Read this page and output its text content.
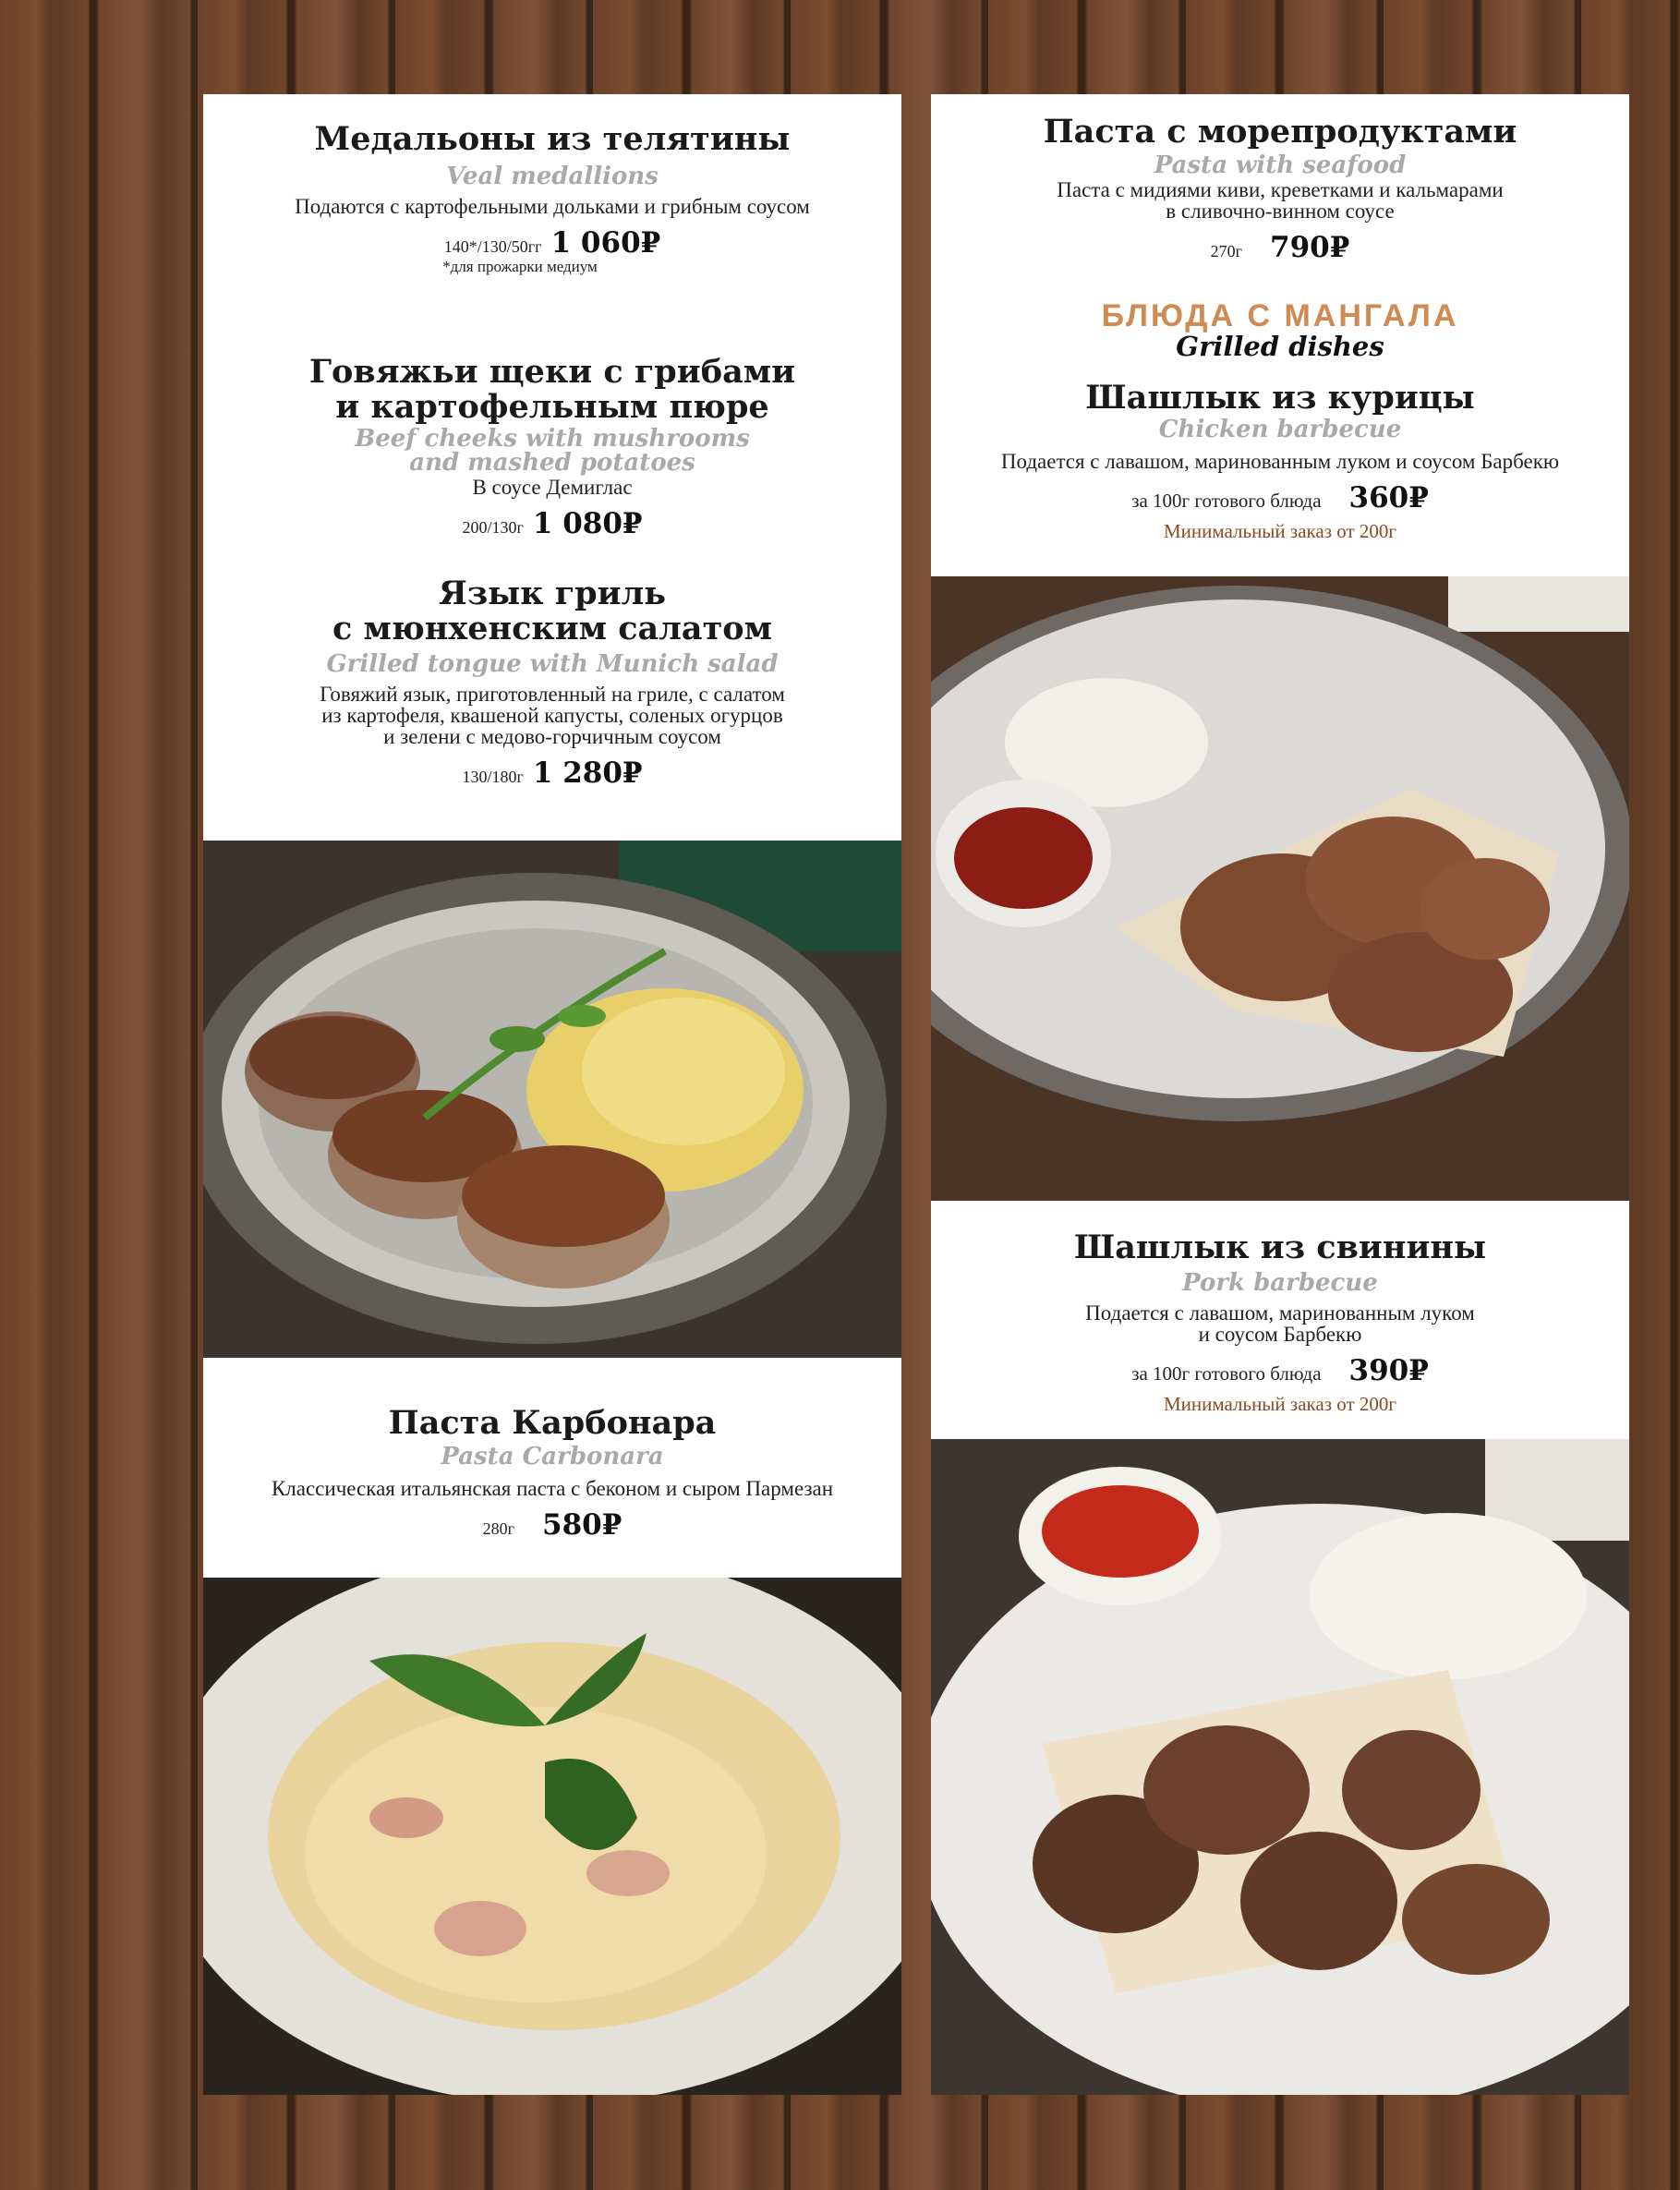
Медальоны из телятины
Veal medallions
Подаются с картофельными дольками и грибным соусом
140*/130/50гг 1 060₽
*для прожарки медиум
Говяжьи щеки с грибами
и картофельным пюре
Beef cheeks with mushrooms
and mashed potatoes
В соусе Демиглас
200/130г 1 080₽
Язык гриль
с мюнхенским салатом
Grilled tongue with Munich salad
Говяжий язык, приготовленный на гриле, с салатом
из картофеля, квашеной капусты, соленых огурцов
и зелени с медово-горчичным соусом
130/180г 1 280₽
Паста Карбонара
Pasta Carbonara
Классическая итальянская паста с беконом и сыром Пармезан
280г 580₽
Паста с морепродуктами
Pasta with seafood
Паста с мидиями киви, креветками и кальмарами
в сливочно-винном соусе
270г 790₽
БЛЮДА С МАНГАЛА
Grilled dishes
Шашлык из курицы
Chicken barbecue
Подается с лавашом, маринованным луком и соусом Барбекю
за 100г готового блюда 360₽
Минимальный заказ от 200г
Шашлык из свинины
Pork barbecue
Подается с лавашом, маринованным луком
и соусом Барбекю
за 100г готового блюда 390₽
Минимальный заказ от 200г
